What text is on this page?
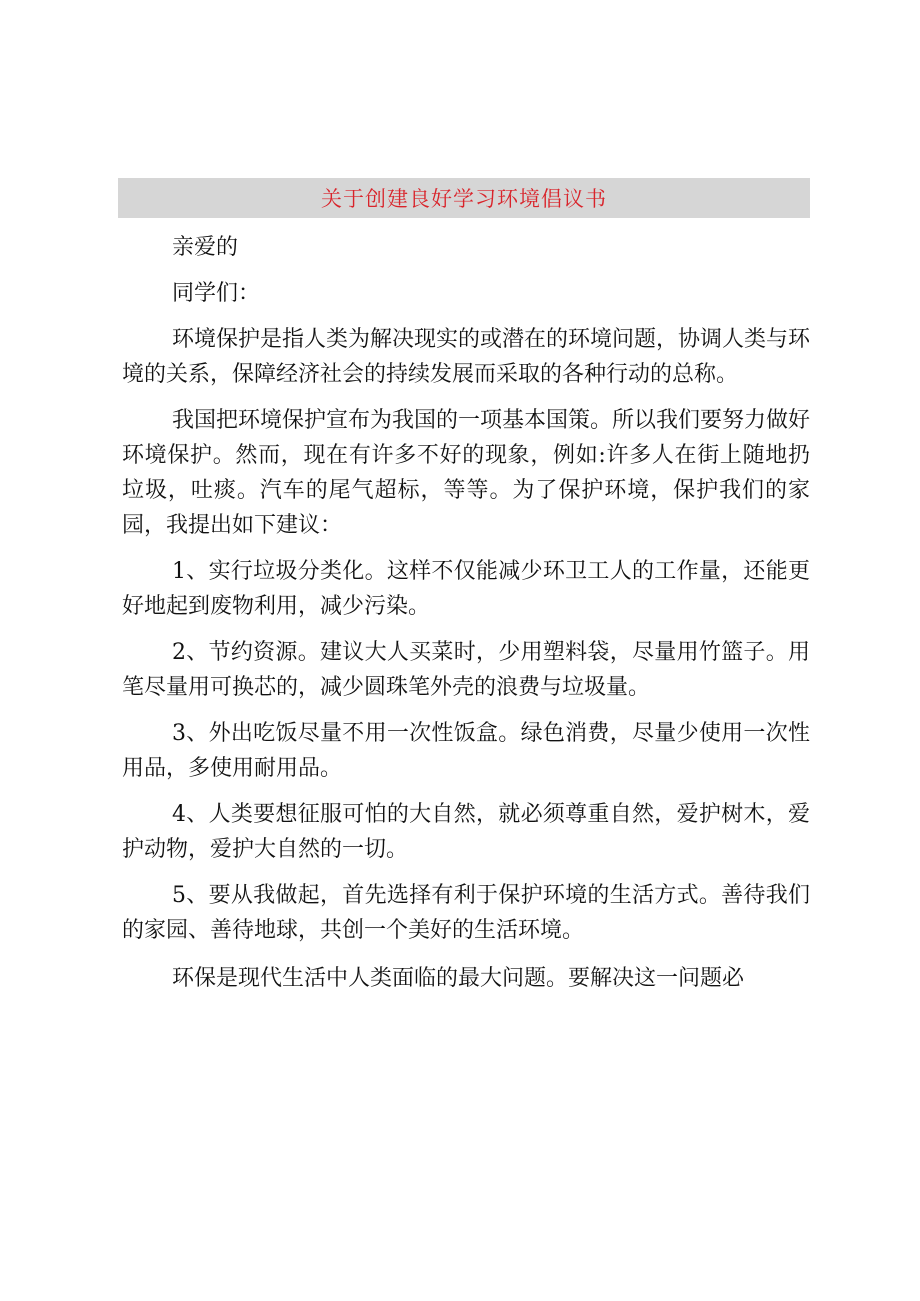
关于创建良好学习环境倡议书

亲爱的

同学们：

环境保护是指人类为解决现实的或潜在的环境问题，协调人类与环境的关系，保障经济社会的持续发展而采取的各种行动的总称。

我国把环境保护宣布为我国的一项基本国策。所以我们要努力做好环境保护。然而，现在有许多不好的现象，例如:许多人在街上随地扔垃圾，吐痰。汽车的尾气超标，等等。为了保护环境，保护我们的家园，我提出如下建议：

1、实行垃圾分类化。这样不仅能减少环卫工人的工作量，还能更好地起到废物利用，减少污染。

2、节约资源。建议大人买菜时，少用塑料袋，尽量用竹篮子。用笔尽量用可换芯的，减少圆珠笔外壳的浪费与垃圾量。

3、外出吃饭尽量不用一次性饭盒。绿色消费，尽量少使用一次性用品，多使用耐用品。

4、人类要想征服可怕的大自然，就必须尊重自然，爱护树木，爱护动物，爱护大自然的一切。

5、要从我做起，首先选择有利于保护环境的生活方式。善待我们的家园、善待地球，共创一个美好的生活环境。

环保是现代生活中人类面临的最大问题。要解决这一问题必
